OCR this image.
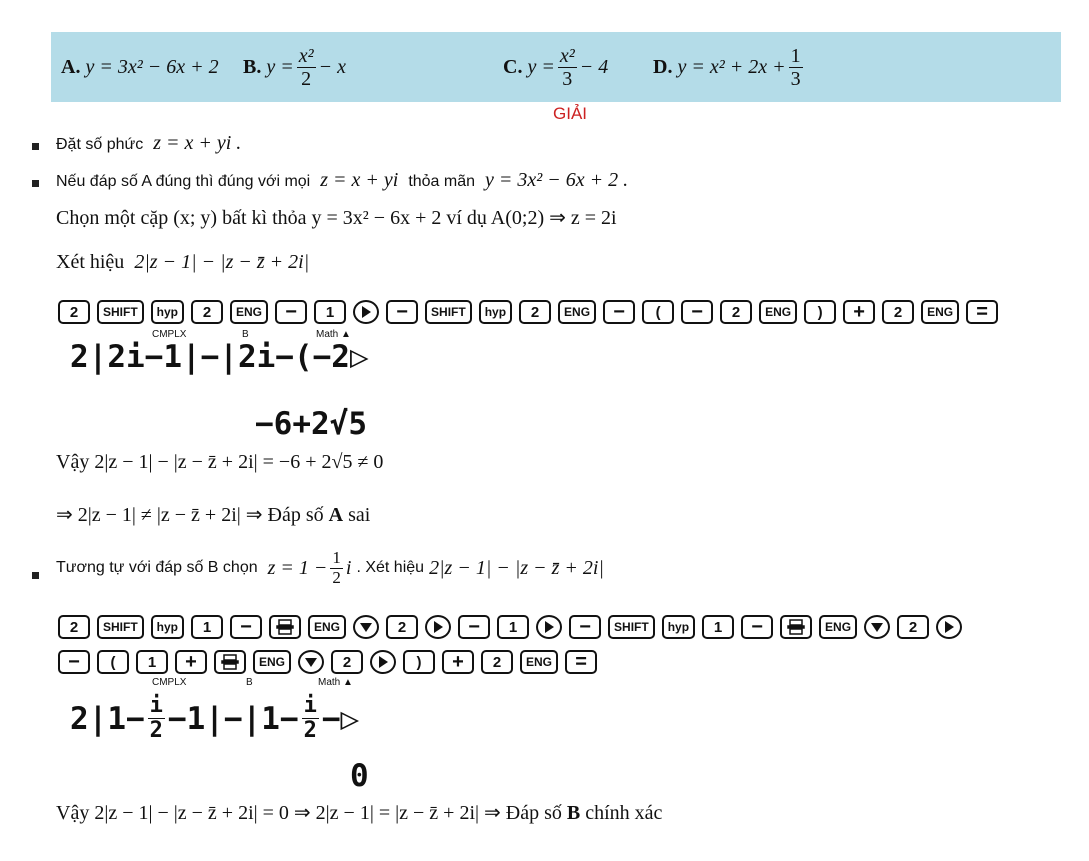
A.
y = 3x² − 6x + 2 B.
$y = \frac{\text{x²}}{2} - x$	C.
$y = \frac{\text{x²}}{3} - 4$ D.
$y = x^2 + 2x + \frac{1}{3}$
GIẢI
Đặt số phức z = x + yi .
Nếu đáp số A đúng thì đúng với mọi z = x + yi thỏa mãn y = 3x² − 6x + 2 .
Chọn một cặp (x; y) bất kì thỏa y = 3x² − 6x + 2 ví dụ A(0;2) ⇒ z = 2i
Xét hiệu 2|z − 1| − |z − z̄ + 2i|
2	SHIFT	hyp	2	ENG	−	1	−	SHIFT	hyp	2	ENG	−	(	−	2	ENG	)	+	2	ENG	=
CMPLX	B	Math ▲
2|2i−1|−|2i−(−2▷
−6+2√5
Vậy 2|z − 1| − |z − z̄ + 2i| = −6 + 2√5 ≠ 0
⇒ 2|z − 1| ≠ |z − z̄ + 2i| ⇒ Đáp số A sai
Tương tự với đáp số B chọn
$z = 1 - \frac{1}{2}$ i
. Xét hiệu
2|z − 1| − |z − z̄ + 2i|
2	SHIFT	hyp	1	−	ENG	2	−	1	−	SHIFT	hyp	1	−	ENG	2
−	(	1	+	ENG	2	)	+	2	ENG	=
CMPLX	B	Math ▲
$2|1- \frac{i}{2} -1|-|1- \frac{i}{2}$ −▷
0
Vậy 2|z − 1| − |z − z̄ + 2i| = 0 ⇒ 2|z − 1| = |z − z̄ + 2i| ⇒ Đáp số B chính xác
